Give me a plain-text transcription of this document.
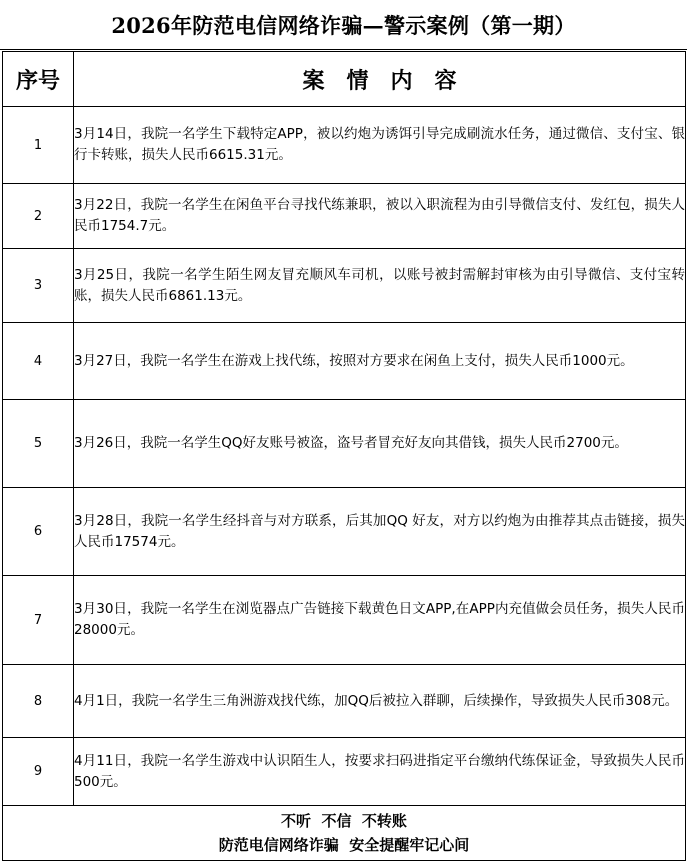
2026年防范电信网络诈骗—警示案例（第一期）
序号	案情内容
1	3月14日，我院一名学生下载特定APP，被以约炮为诱饵引导完成刷流水任务，通过微信、支付宝、银行卡转账，损失人民币6615.31元。
2	3月22日，我院一名学生在闲鱼平台寻找代练兼职，被以入职流程为由引导微信支付、发红包，损失人民币1754.7元。
3	3月25日，我院一名学生陌生网友冒充顺风车司机，以账号被封需解封审核为由引导微信、支付宝转账，损失人民币6861.13元。
4	3月27日，我院一名学生在游戏上找代练，按照对方要求在闲鱼上支付，损失人民币1000元。
5	3月26日，我院一名学生QQ好友账号被盗，盗号者冒充好友向其借钱，损失人民币2700元。
6	3月28日，我院一名学生经抖音与对方联系，后其加QQ 好友，对方以约炮为由推荐其点击链接，损失人民币17574元。
7	3月30日，我院一名学生在浏览器点广告链接下载黄色日文APP,在APP内充值做会员任务，损失人民币28000元。
8	4月1日，我院一名学生三角洲游戏找代练，加QQ后被拉入群聊，后续操作，导致损失人民币308元。
9	4月11日，我院一名学生游戏中认识陌生人，按要求扫码进指定平台缴纳代练保证金，导致损失人民币500元。

不听  不信  不转账
防范电信网络诈骗  安全提醒牢记心间	
